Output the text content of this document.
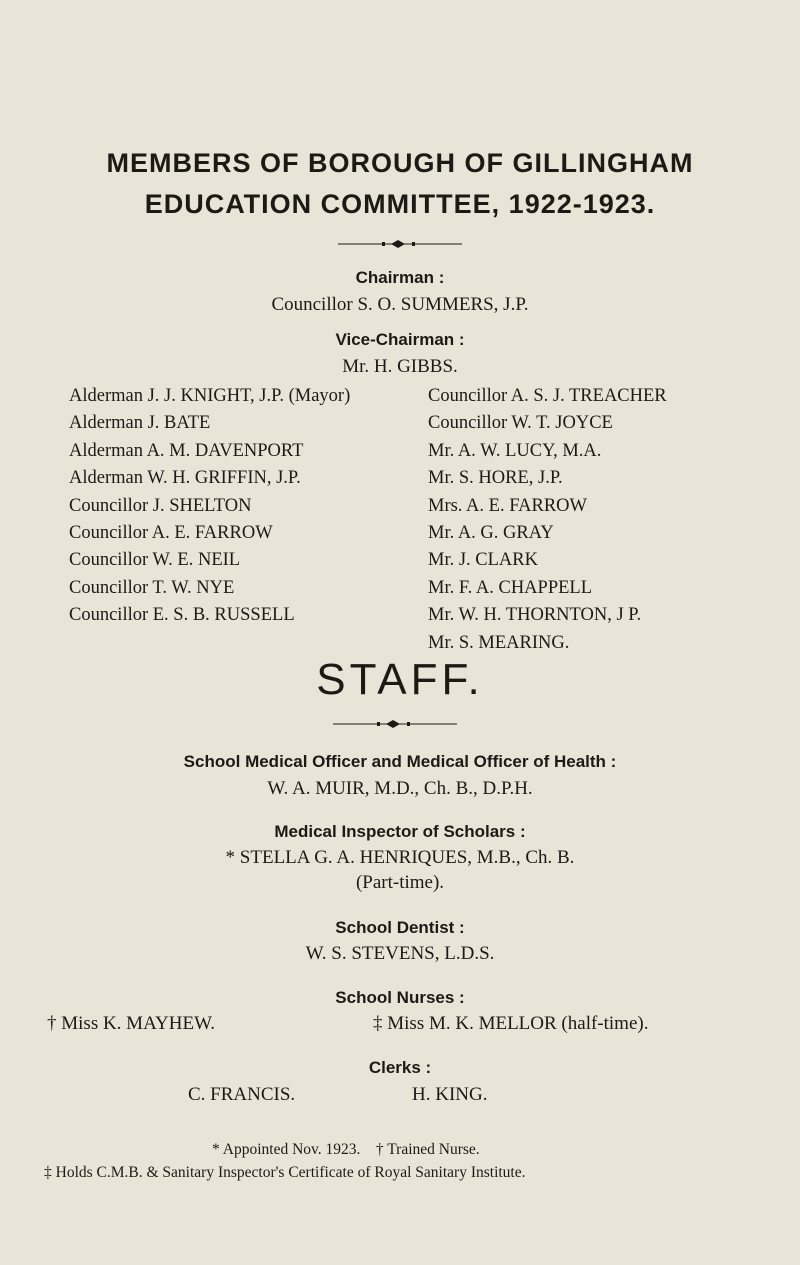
MEMBERS OF BOROUGH OF GILLINGHAM
EDUCATION COMMITTEE, 1922-1923.
Chairman :
Councillor S. O. SUMMERS, J.P.
Vice-Chairman :
Mr. H. GIBBS.
Alderman J. J. KNIGHT, J.P. (Mayor)
Alderman J. BATE
Alderman A. M. DAVENPORT
Alderman W. H. GRIFFIN, J.P.
Councillor J. SHELTON
Councillor A. E. FARROW
Councillor W. E. NEIL
Councillor T. W. NYE
Councillor E. S. B. RUSSELL
Councillor A. S. J. TREACHER
Councillor W. T. JOYCE
Mr. A. W. LUCY, M.A.
Mr. S. HORE, J.P.
Mrs. A. E. FARROW
Mr. A. G. GRAY
Mr. J. CLARK
Mr. F. A. CHAPPELL
Mr. W. H. THORNTON, J P.
Mr. S. MEARING.
STAFF.
School Medical Officer and Medical Officer of Health :
W. A. MUIR, M.D., Ch. B., D.P.H.
Medical Inspector of Scholars :
* STELLA G. A. HENRIQUES, M.B., Ch. B.
(Part-time).
School Dentist :
W. S. STEVENS, L.D.S.
School Nurses :
† Miss K. MAYHEW.	‡ Miss M. K. MELLOR (half-time).
Clerks :
C. FRANCIS.	H. KING.
* Appointed Nov. 1923.    † Trained Nurse.
‡ Holds C.M.B. & Sanitary Inspector's Certificate of Royal Sanitary Institute.
